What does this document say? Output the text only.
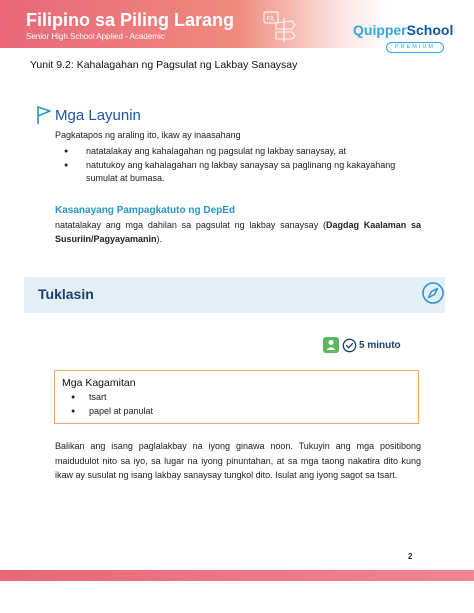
Filipino sa Piling Larang
Senior High School Applied - Academic
FIL
QuipperSchool
PREMIUM
Yunit 9.2: Kahalagahan ng Pagsulat ng Lakbay Sanaysay
Mga Layunin
Pagkatapos ng araling ito, ikaw ay inaasahang
● natatalakay ang kahalagahan ng pagsulat ng lakbay sanaysay, at
● natutukoy ang kahalagahan ng lakbay sanaysay sa paglinang ng kakayahang sumulat at bumasa.
Kasanayang Pampagkatuto ng DepEd
natatalakay ang mga dahilan sa pagsulat ng lakbay sanaysay (Dagdag Kaalaman sa Susuriin/Pagyayamanin).
Tuklasin
5 minuto
Mga Kagamitan
● tsart
● papel at panulat
Balikan ang isang paglalakbay na iyong ginawa noon. Tukuyin ang mga positibong maidudulot nito sa iyo, sa lugar na iyong pinuntahan, at sa mga taong nakatira dito kung ikaw ay susulat ng isang lakbay sanaysay tungkol dito. Isulat ang iyong sagot sa tsart.
2
